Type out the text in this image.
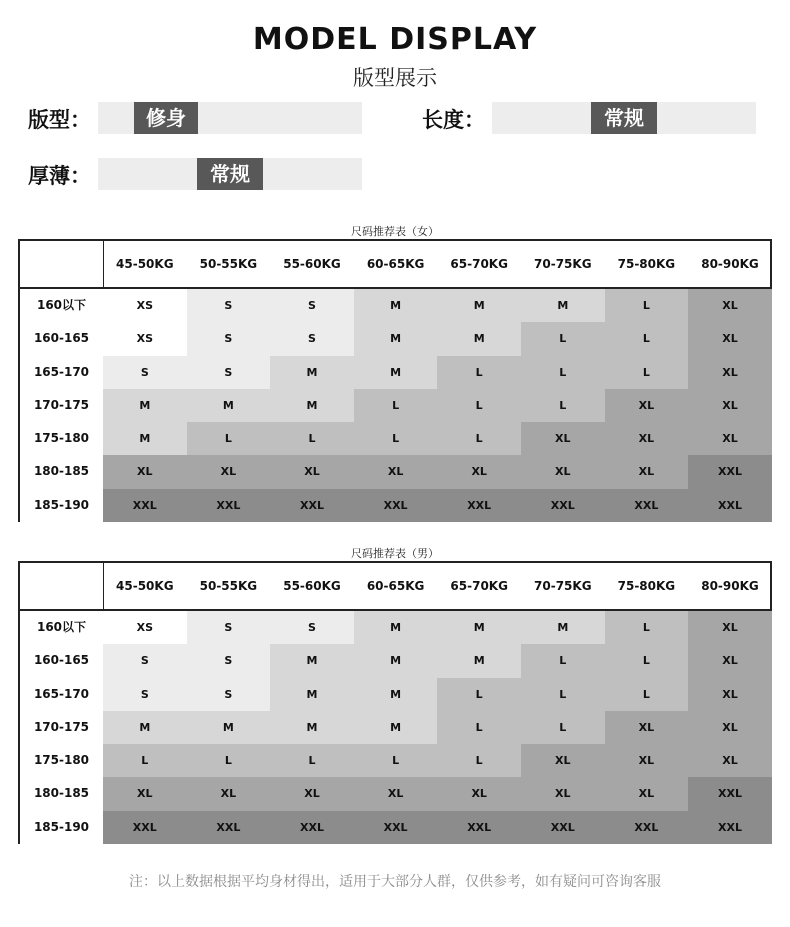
MODEL DISPLAY
版型展示
版型：	修身	长度：	常规
厚薄：	常规
尺码推荐表（女）
45-50KG	50-55KG	55-60KG	60-65KG	65-70KG	70-75KG	75-80KG	80-90KG
160以下	XS	S	S	M	M	M	L	XL
160-165	XS	S	S	M	M	L	L	XL
165-170	S	S	M	M	L	L	L	XL
170-175	M	M	M	L	L	L	XL	XL
175-180	M	L	L	L	L	XL	XL	XL
180-185	XL	XL	XL	XL	XL	XL	XL	XXL
185-190	XXL	XXL	XXL	XXL	XXL	XXL	XXL	XXL
尺码推荐表（男）
45-50KG	50-55KG	55-60KG	60-65KG	65-70KG	70-75KG	75-80KG	80-90KG
160以下	XS	S	S	M	M	M	L	XL
160-165	S	S	M	M	M	L	L	XL
165-170	S	S	M	M	L	L	L	XL
170-175	M	M	M	M	L	L	XL	XL
175-180	L	L	L	L	L	XL	XL	XL
180-185	XL	XL	XL	XL	XL	XL	XL	XXL
185-190	XXL	XXL	XXL	XXL	XXL	XXL	XXL	XXL
注：以上数据根据平均身材得出，适用于大部分人群，仅供参考，如有疑问可咨询客服
